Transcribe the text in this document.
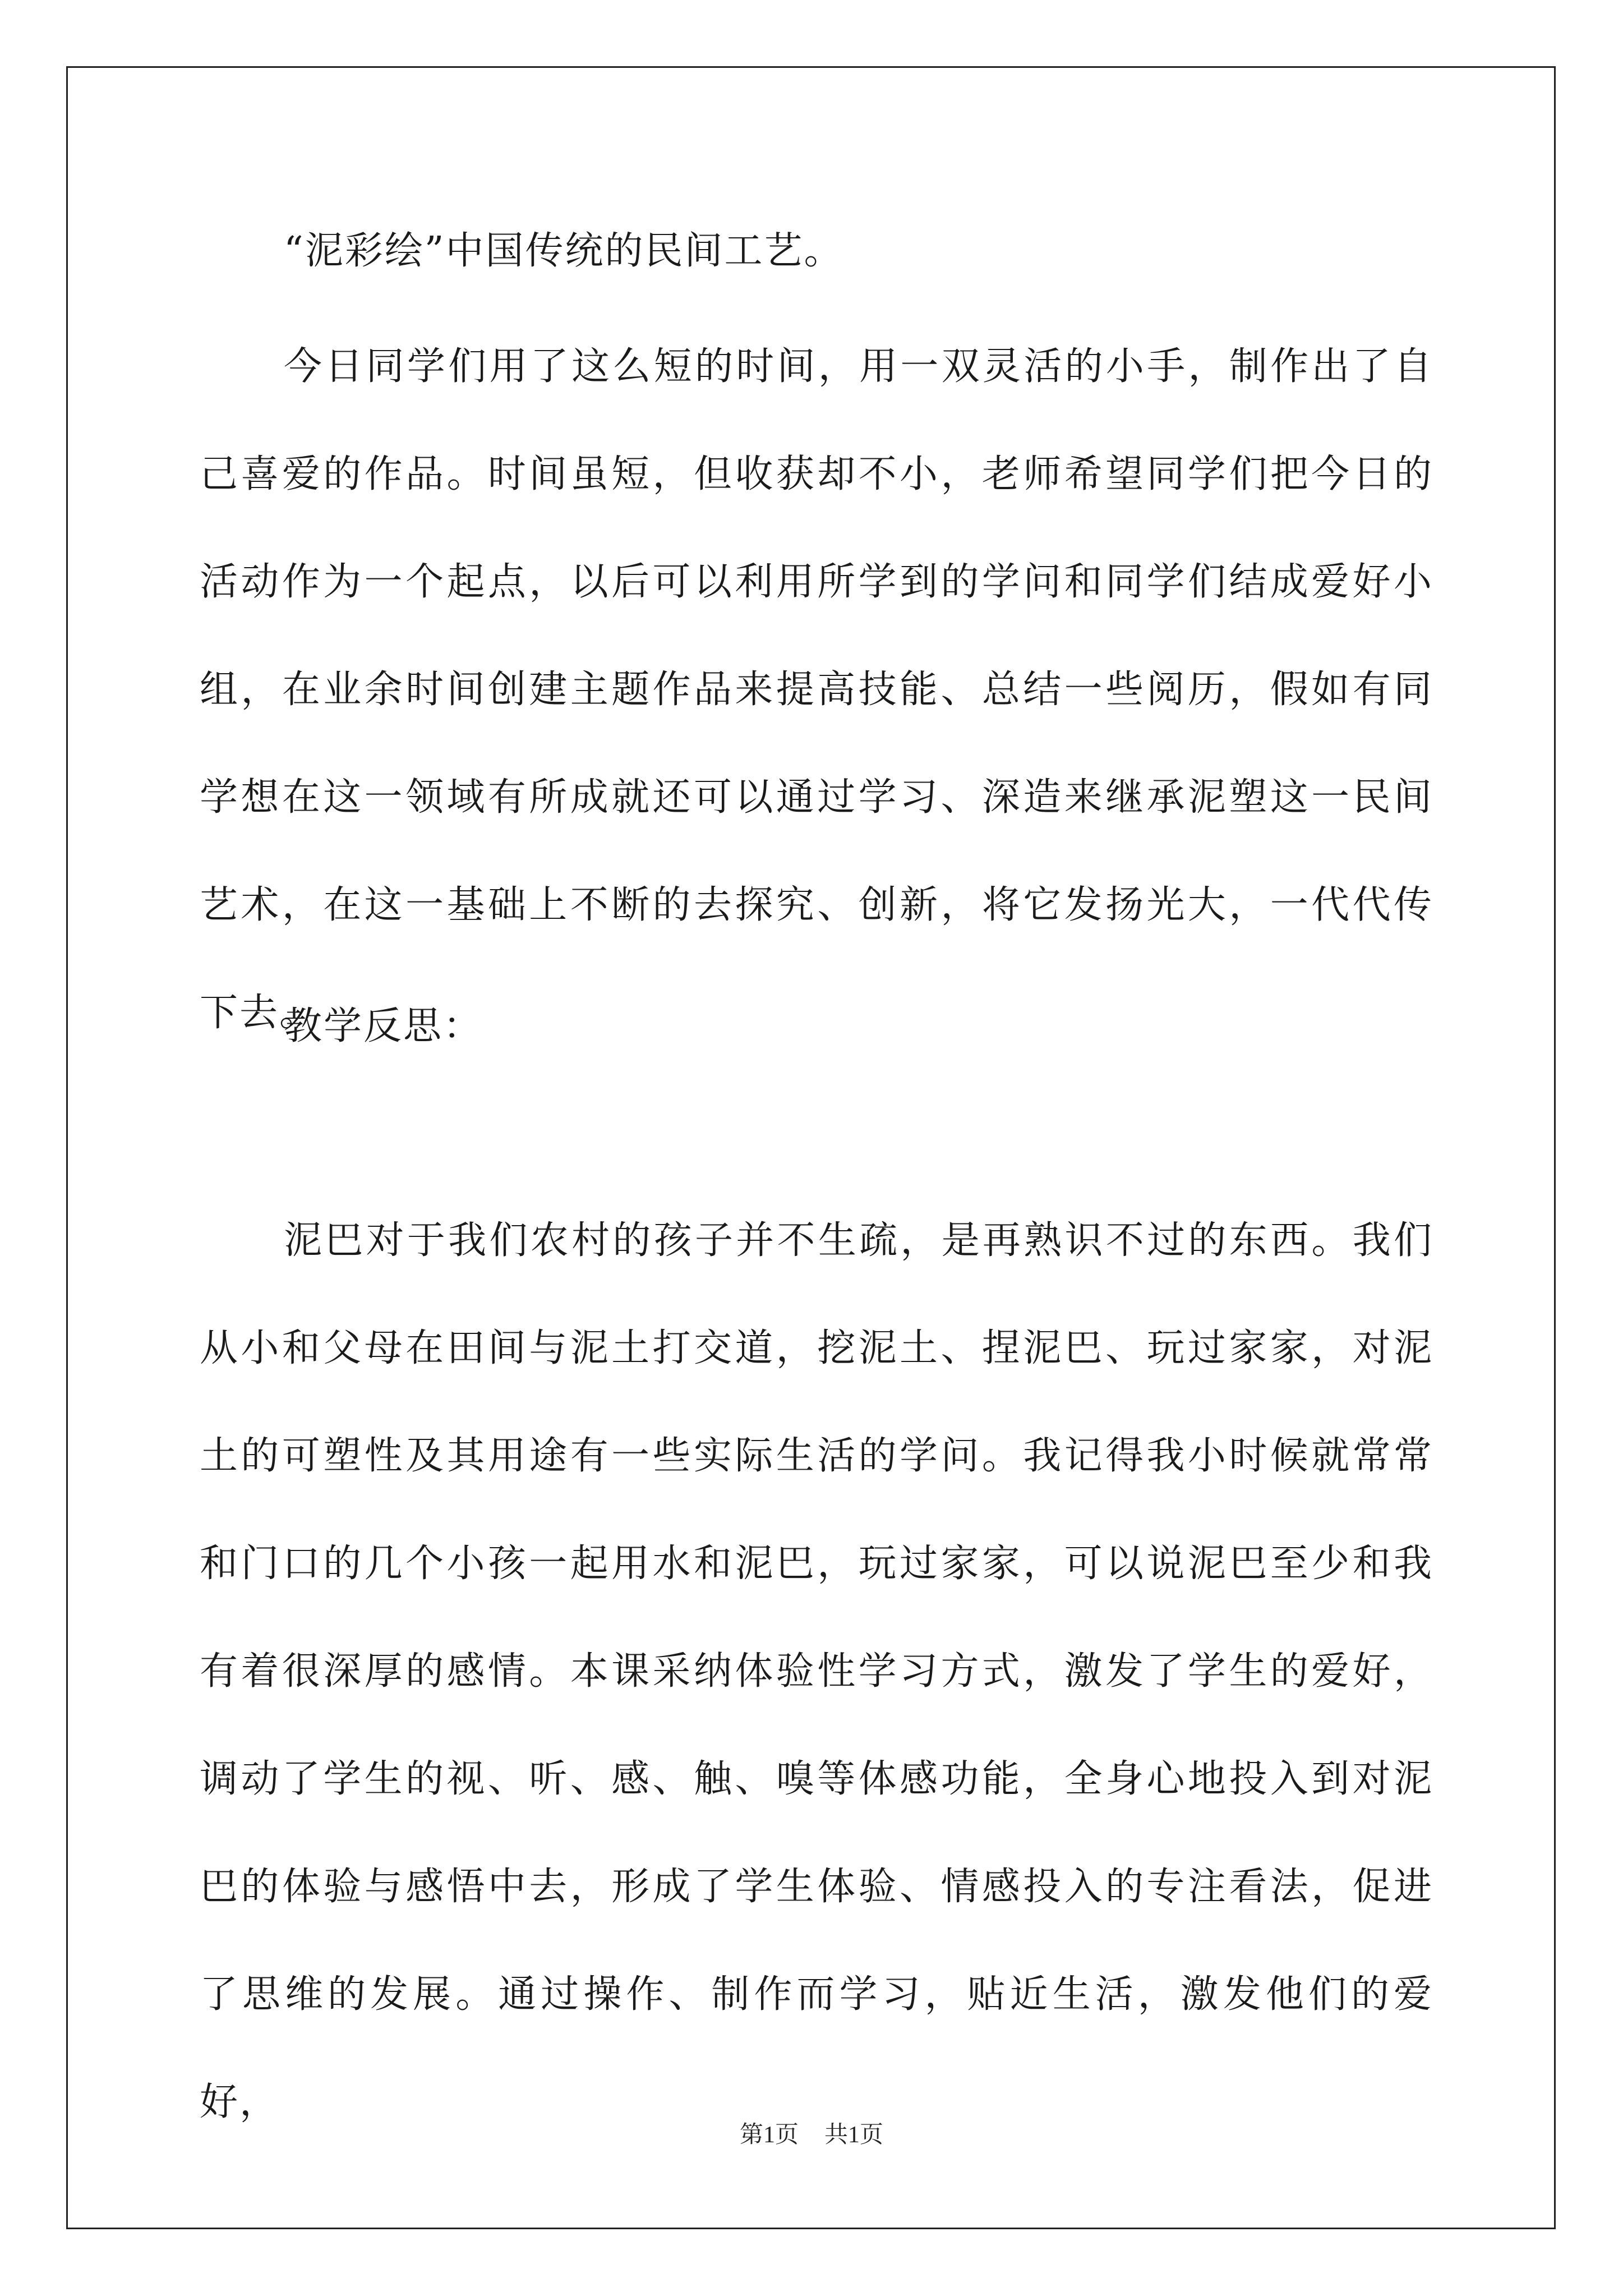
“泥彩绘”中国传统的民间工艺。

今日同学们用了这么短的时间，用一双灵活的小手，制作出了自己喜爱的作品。时间虽短，但收获却不小，老师希望同学们把今日的活动作为一个起点，以后可以利用所学到的学问和同学们结成爱好小组，在业余时间创建主题作品来提高技能、总结一些阅历，假如有同学想在这一领域有所成就还可以通过学习、深造来继承泥塑这一民间艺术，在这一基础上不断的去探究、创新，将它发扬光大，一代代传下去。

教学反思：

泥巴对于我们农村的孩子并不生疏，是再熟识不过的东西。我们从小和父母在田间与泥土打交道，挖泥土、捏泥巴、玩过家家，对泥土的可塑性及其用途有一些实际生活的学问。我记得我小时候就常常和门口的几个小孩一起用水和泥巴，玩过家家，可以说泥巴至少和我有着很深厚的感情。本课采纳体验性学习方式，激发了学生的爱好，调动了学生的视、听、感、触、嗅等体感功能，全身心地投入到对泥巴的体验与感悟中去，形成了学生体验、情感投入的专注看法，促进了思维的发展。通过操作、制作而学习，贴近生活，激发他们的爱好，

第1页 共1页
